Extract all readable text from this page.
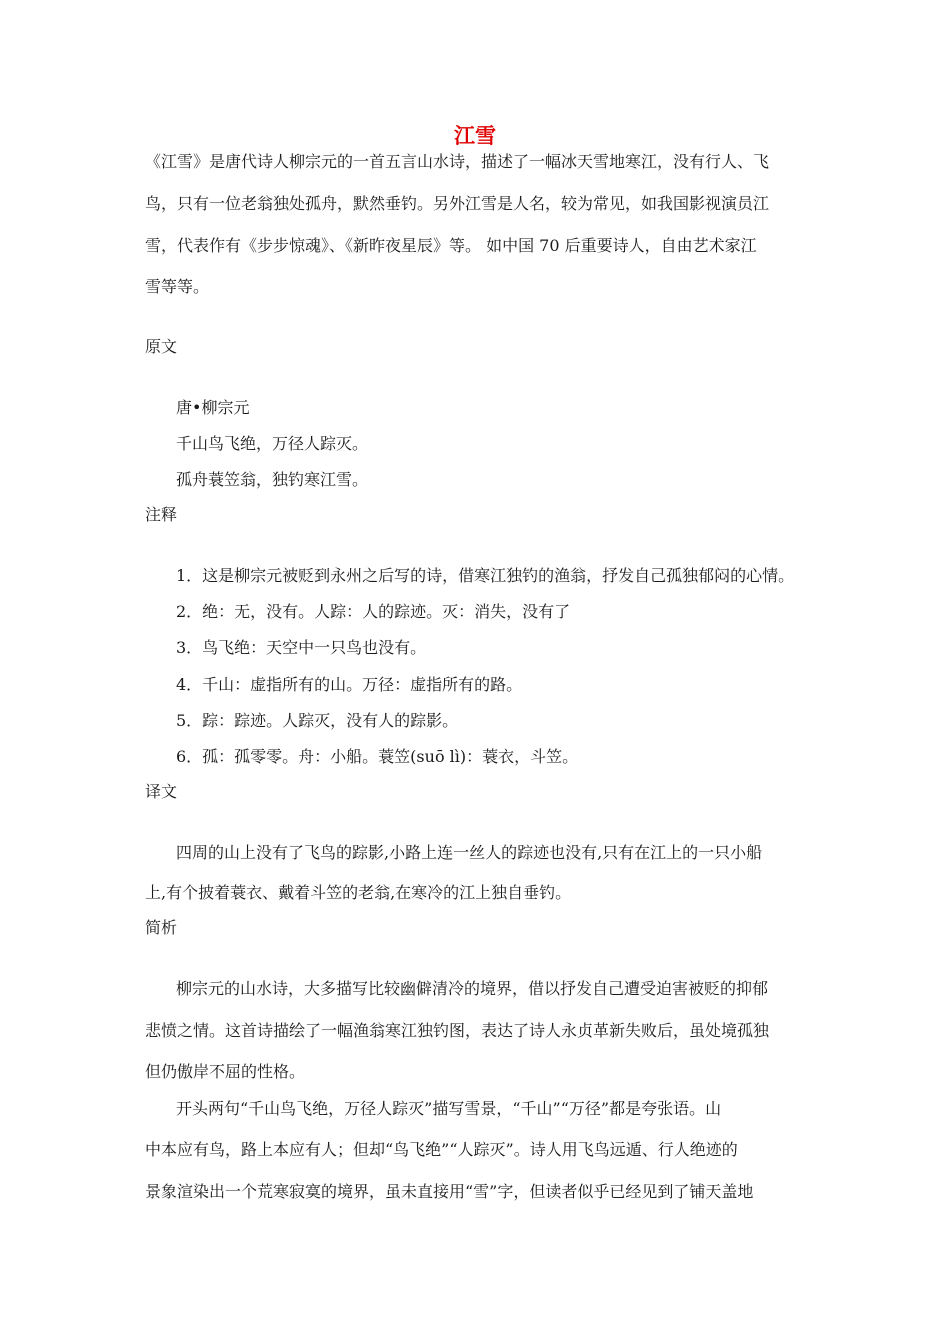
江雪
《江雪》是唐代诗人柳宗元的一首五言山水诗，描述了一幅冰天雪地寒江，没有行人、飞
鸟，只有一位老翁独处孤舟，默然垂钓。另外江雪是人名，较为常见，如我国影视演员江
雪，代表作有《步步惊魂》、《新昨夜星辰》等。 如中国 70 后重要诗人，自由艺术家江
雪等等。
原文
唐•柳宗元
千山鸟飞绝，万径人踪灭。
孤舟蓑笠翁，独钓寒江雪。
注释
1．这是柳宗元被贬到永州之后写的诗，借寒江独钓的渔翁，抒发自己孤独郁闷的心情。
2．绝：无，没有。人踪：人的踪迹。灭：消失，没有了
3．鸟飞绝：天空中一只鸟也没有。
4．千山：虚指所有的山。万径：虚指所有的路。
5．踪：踪迹。人踪灭，没有人的踪影。
6．孤：孤零零。舟：小船。蓑笠(suō lì)：蓑衣，斗笠。
译文
四周的山上没有了飞鸟的踪影,小路上连一丝人的踪迹也没有,只有在江上的一只小船
上,有个披着蓑衣、戴着斗笠的老翁,在寒冷的江上独自垂钓。
简析
柳宗元的山水诗，大多描写比较幽僻清冷的境界，借以抒发自己遭受迫害被贬的抑郁
悲愤之情。这首诗描绘了一幅渔翁寒江独钓图，表达了诗人永贞革新失败后，虽处境孤独
但仍傲岸不屈的性格。
开头两句“千山鸟飞绝，万径人踪灭”描写雪景，“千山”“万径”都是夸张语。山
中本应有鸟，路上本应有人；但却“鸟飞绝”“人踪灭”。诗人用飞鸟远遁、行人绝迹的
景象渲染出一个荒寒寂寞的境界，虽未直接用“雪”字，但读者似乎已经见到了铺天盖地
